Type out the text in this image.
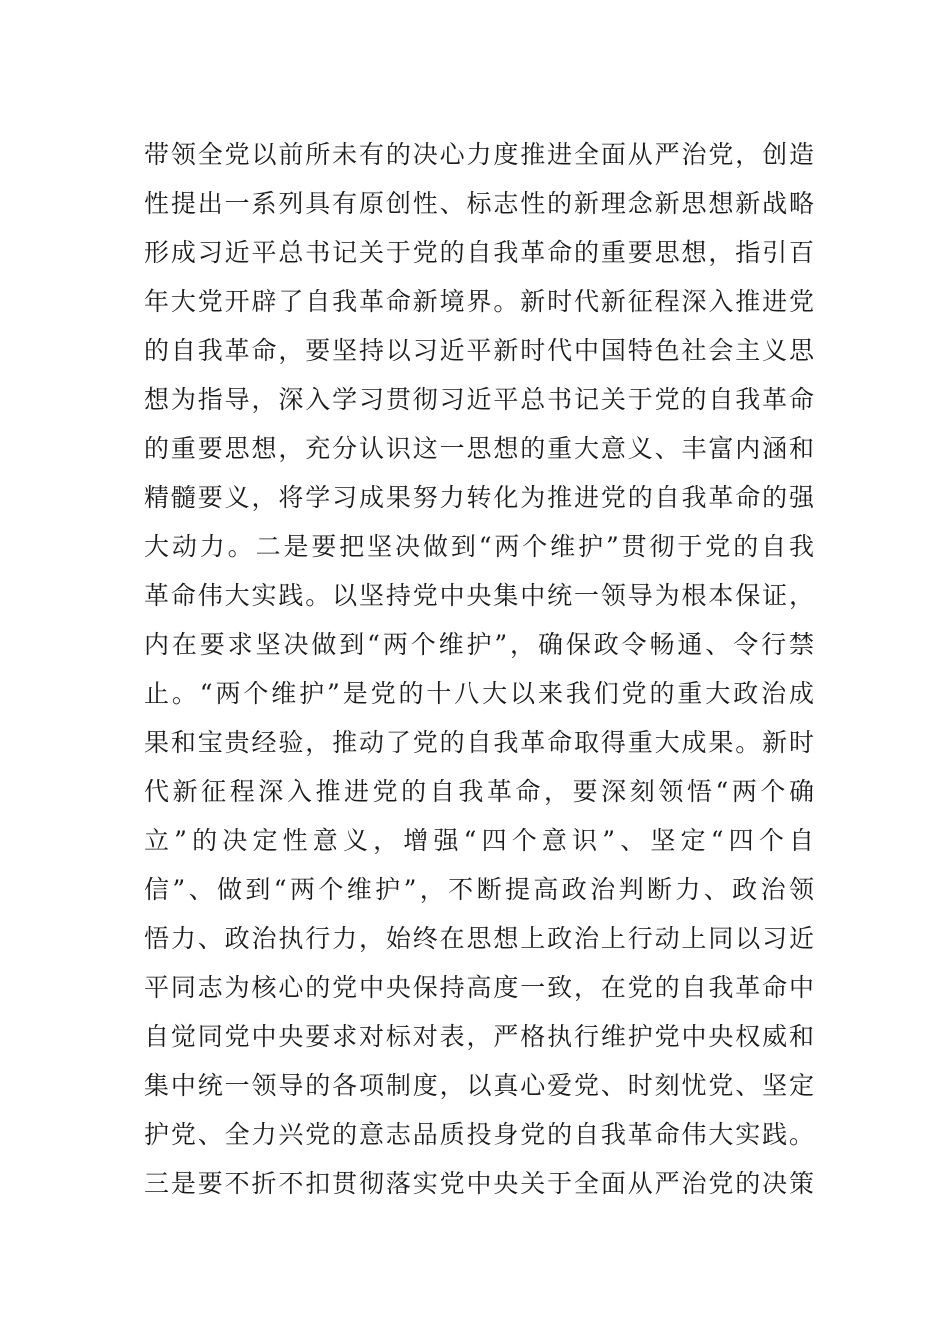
带领全党以前所未有的决心力度推进全面从严治党，创造
性提出一系列具有原创性、标志性的新理念新思想新战略
形成习近平总书记关于党的自我革命的重要思想，指引百
年大党开辟了自我革命新境界。新时代新征程深入推进党
的自我革命，要坚持以习近平新时代中国特色社会主义思
想为指导，深入学习贯彻习近平总书记关于党的自我革命
的重要思想，充分认识这一思想的重大意义、丰富内涵和
精髓要义，将学习成果努力转化为推进党的自我革命的强
大动力。二是要把坚决做到“两个维护”贯彻于党的自我
革命伟大实践。以坚持党中央集中统一领导为根本保证，
内在要求坚决做到“两个维护”，确保政令畅通、令行禁
止。“两个维护”是党的十八大以来我们党的重大政治成
果和宝贵经验，推动了党的自我革命取得重大成果。新时
代新征程深入推进党的自我革命，要深刻领悟“两个确
立”的决定性意义，增强“四个意识”、坚定“四个自
信”、做到“两个维护”，不断提高政治判断力、政治领
悟力、政治执行力，始终在思想上政治上行动上同以习近
平同志为核心的党中央保持高度一致，在党的自我革命中
自觉同党中央要求对标对表，严格执行维护党中央权威和
集中统一领导的各项制度，以真心爱党、时刻忧党、坚定
护党、全力兴党的意志品质投身党的自我革命伟大实践。
三是要不折不扣贯彻落实党中央关于全面从严治党的决策
